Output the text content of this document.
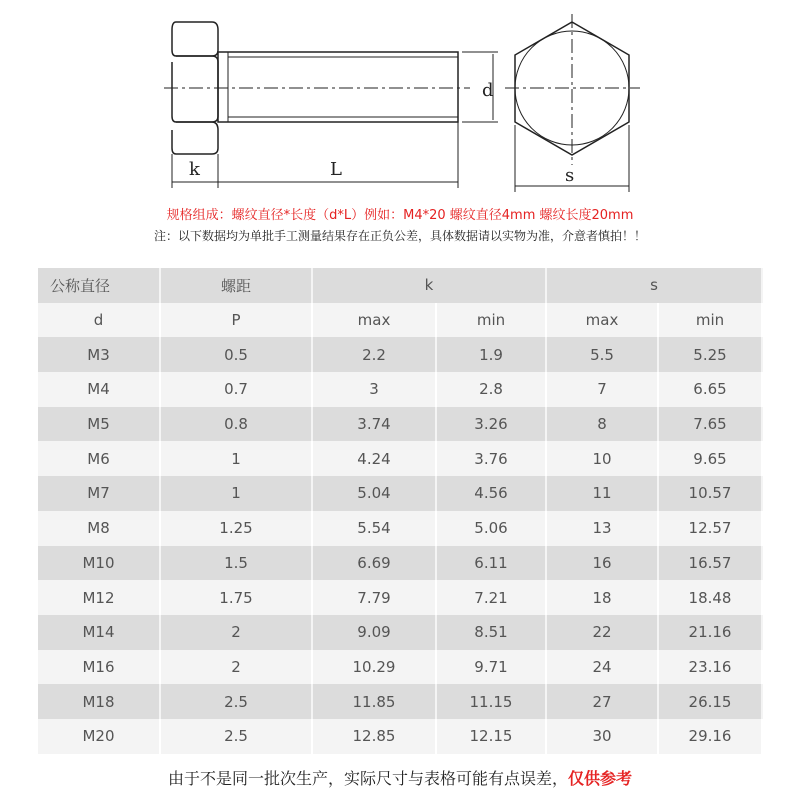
d
k	L	s
规格组成：螺纹直径*长度（d*L）例如：M4*20 螺纹直径4mm 螺纹长度20mm
注：以下数据均为单批手工测量结果存在正负公差，具体数据请以实物为准，介意者慎拍！！
公称直径	螺距	k		s	
d	P	max	min	max	min
M3	0.5	2.2	1.9	5.5	5.25
M4	0.7	3	2.8	7	6.65
M5	0.8	3.74	3.26	8	7.65
M6	1	4.24	3.76	10	9.65
M7	1	5.04	4.56	11	10.57
M8	1.25	5.54	5.06	13	12.57
M10	1.5	6.69	6.11	16	16.57
M12	1.75	7.79	7.21	18	18.48
M14	2	9.09	8.51	22	21.16
M16	2	10.29	9.71	24	23.16
M18	2.5	11.85	11.15	27	26.15
M20	2.5	12.85	12.15	30	29.16
由于不是同一批次生产，实际尺寸与表格可能有点误差，仅供参考
